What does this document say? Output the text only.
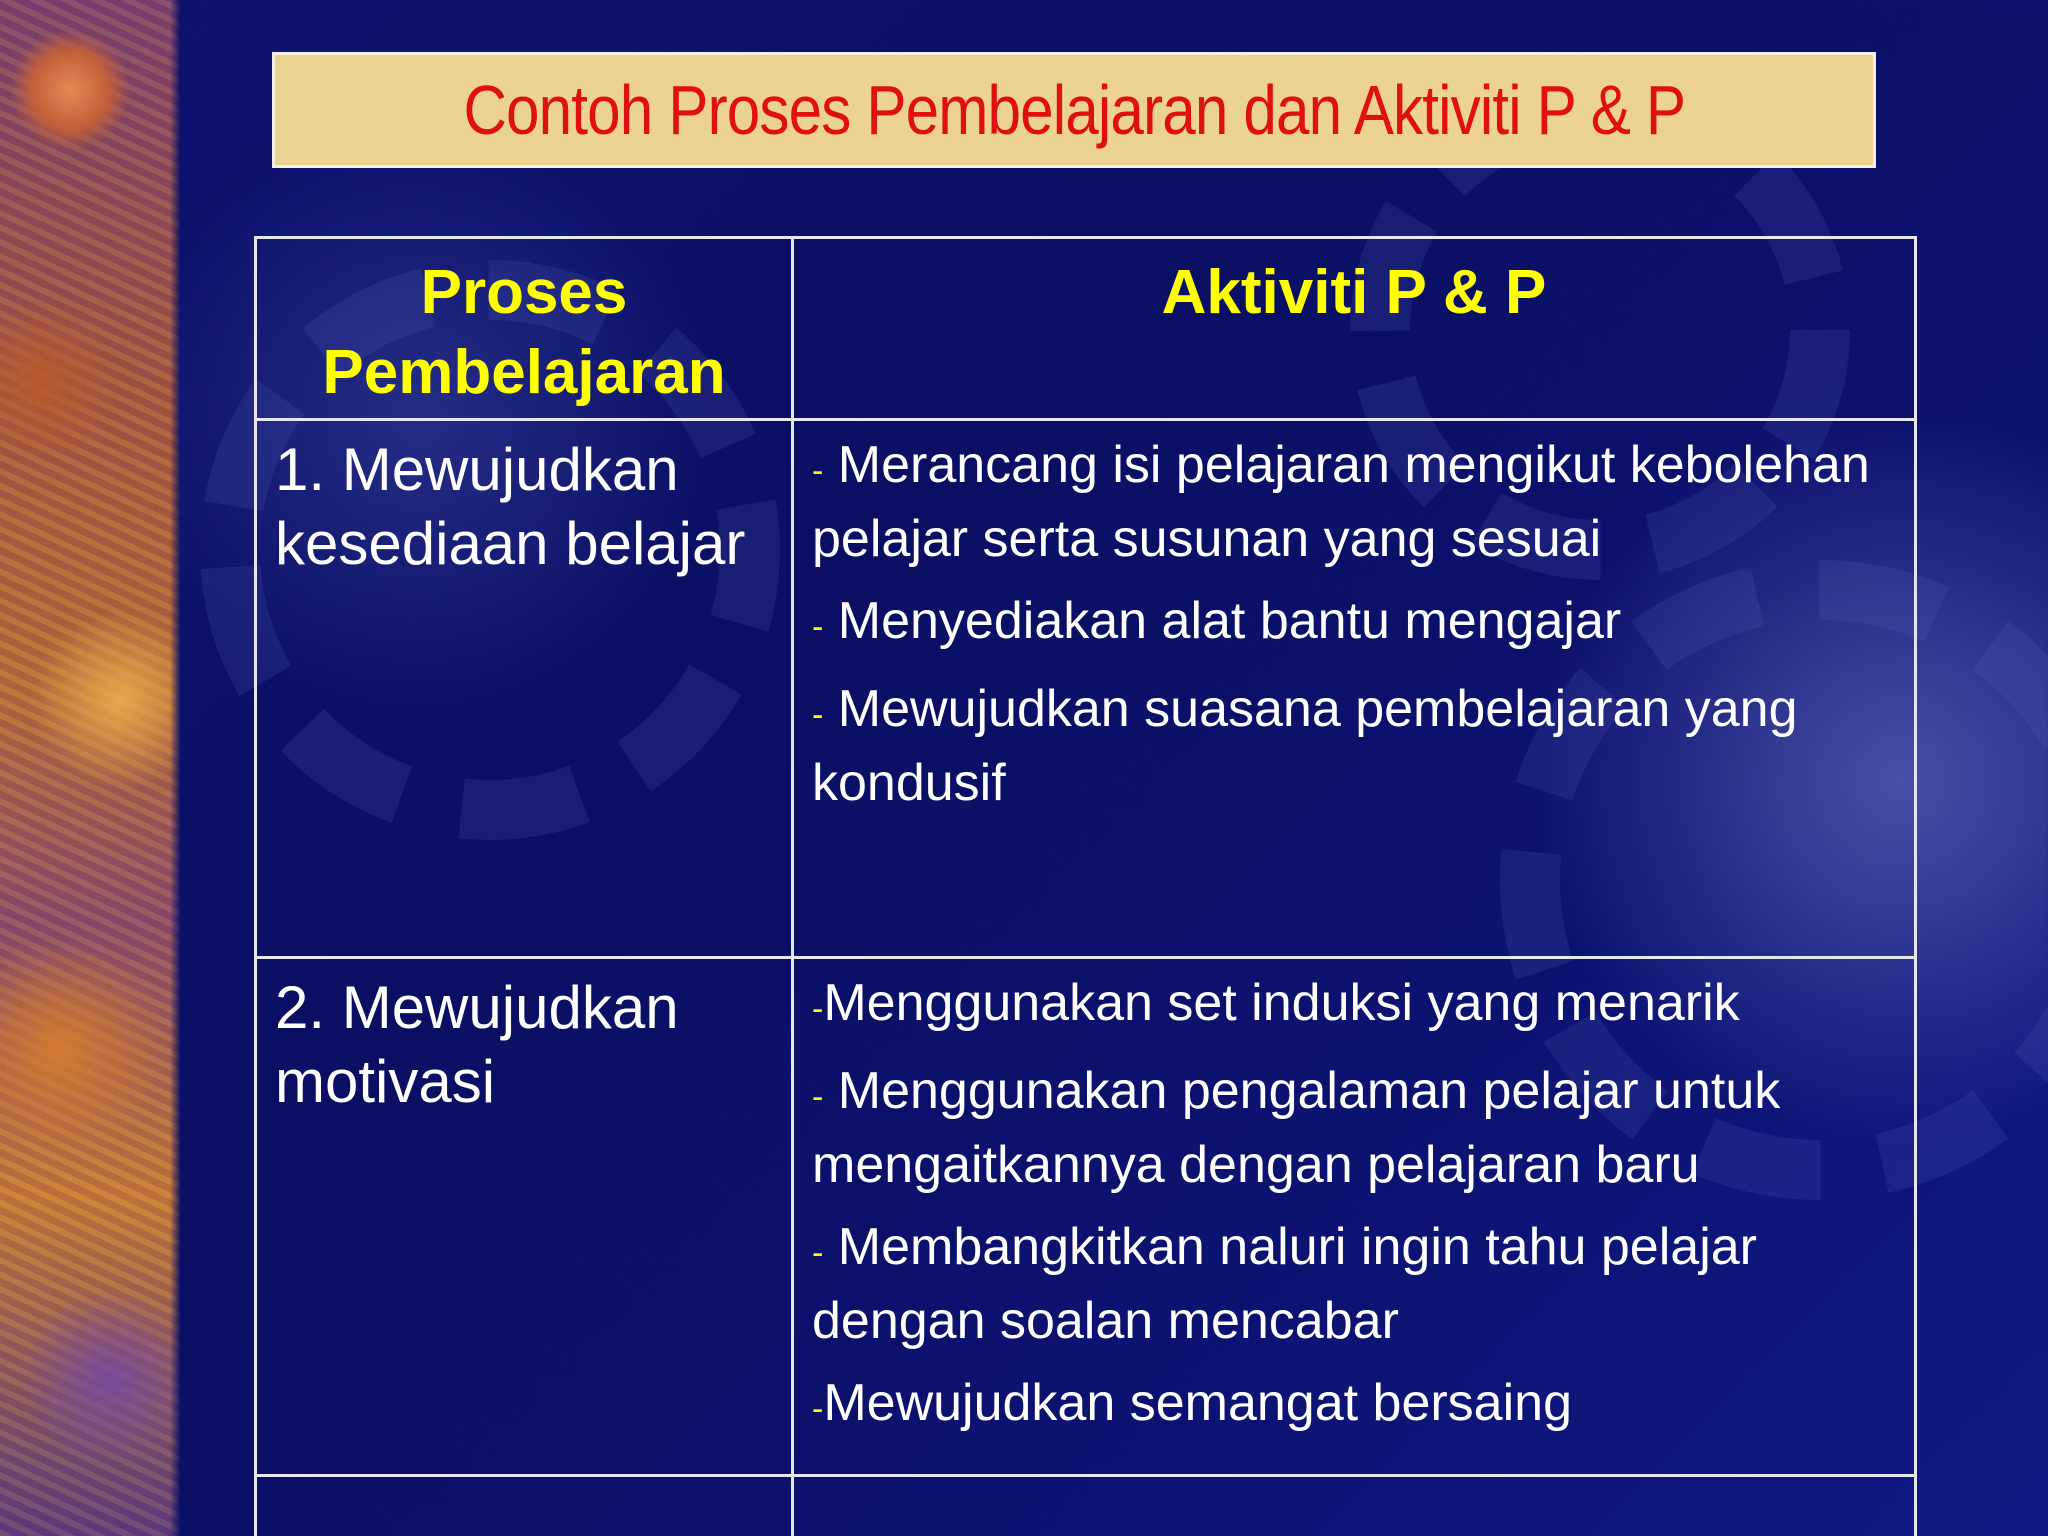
Contoh Proses Pembelajaran dan Aktiviti P & P
Proses Pembelajaran	Aktiviti P & P
1. Mewujudkan kesediaan belajar	- Merancang isi pelajaran mengikut kebolehan pelajar serta susunan yang sesuai
- Menyediakan alat bantu mengajar
- Mewujudkan suasana pembelajaran yang kondusif

2. Mewujudkan motivasi	-Menggunakan set induksi yang menarik
- Menggunakan pengalaman pelajar untuk mengaitkannya dengan pelajaran baru
- Membangkitkan naluri ingin tahu pelajar dengan soalan mencabar
-Mewujudkan semangat bersaing
